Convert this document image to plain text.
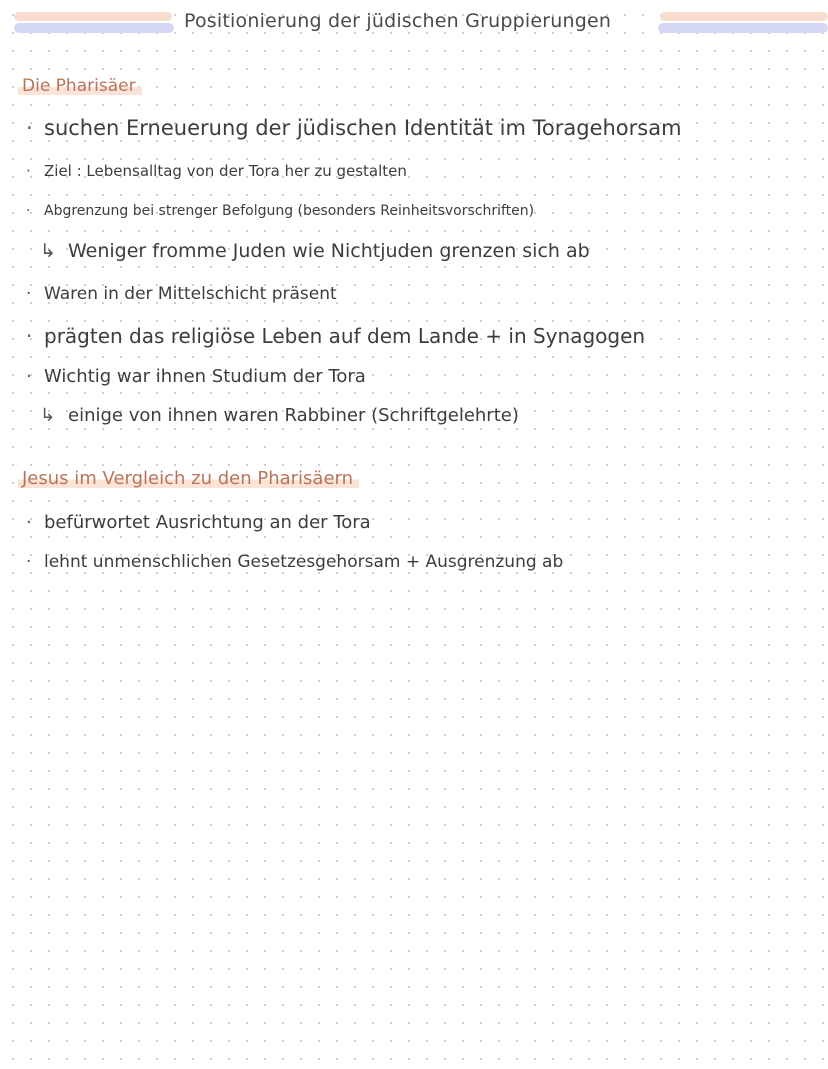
Positionierung der jüdischen Gruppierungen
Die Pharisäer
· suchen Erneuerung der jüdischen Identität im Toragehorsam
· Ziel : Lebensalltag von der Tora her zu gestalten
· Abgrenzung bei strenger Befolgung (besonders Reinheitsvorschriften)
↳ Weniger fromme Juden wie Nichtjuden grenzen sich ab
· Waren in der Mittelschicht präsent
· prägten das religiöse Leben auf dem Lande + in Synagogen
· Wichtig war ihnen Studium der Tora
↳ einige von ihnen waren Rabbiner (Schriftgelehrte)
Jesus im Vergleich zu den Pharisäern
· befürwortet Ausrichtung an der Tora
· lehnt unmenschlichen Gesetzesgehorsam + Ausgrenzung ab
